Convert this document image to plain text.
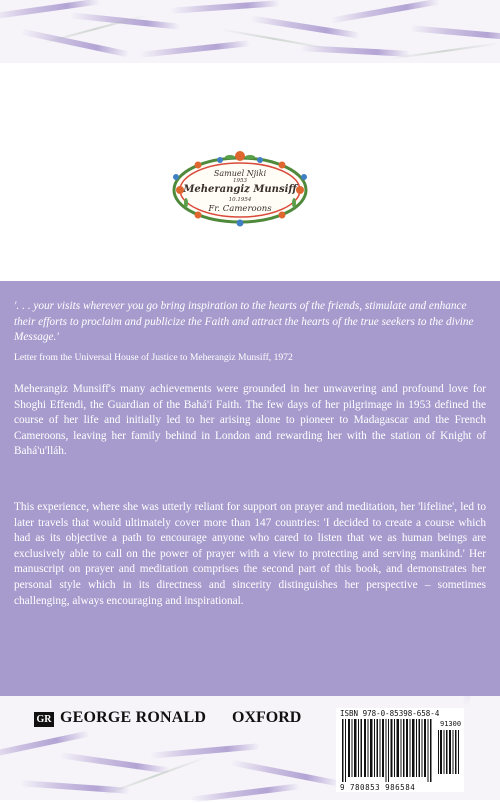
Samuel Njiki
1953
Meherangiz Munsiff
10.1954
Fr. Cameroons
'. . . your visits wherever you go bring inspiration to the hearts of the friends, stimulate and enhance their efforts to proclaim and publicize the Faith and attract the hearts of the true seekers to the divine Message.'
Letter from the Universal House of Justice to Meherangiz Munsiff, 1972

Meherangiz Munsiff's many achievements were grounded in her unwavering and profound love for Shoghi Effendi, the Guardian of the Bahá'í Faith. The few days of her pilgrimage in 1953 defined the course of her life and initially led to her arising alone to pioneer to Madagascar and the French Cameroons, leaving her family behind in London and rewarding her with the station of Knight of Bahá'u'lláh.

This experience, where she was utterly reliant for support on prayer and meditation, her 'lifeline', led to later travels that would ultimately cover more than 147 countries: 'I decided to create a course which had as its objective a path to encourage anyone who cared to listen that we as human beings are exclusively able to call on the power of prayer with a view to protecting and serving mankind.' Her manuscript on prayer and meditation comprises the second part of this book, and demonstrates her personal style which in its directness and sincerity distinguishes her perspective – sometimes challenging, always encouraging and inspirational.

GR GEORGE RONALD OXFORD	ISBN 978-0-85398-658-4
91300
9 780853 986584
